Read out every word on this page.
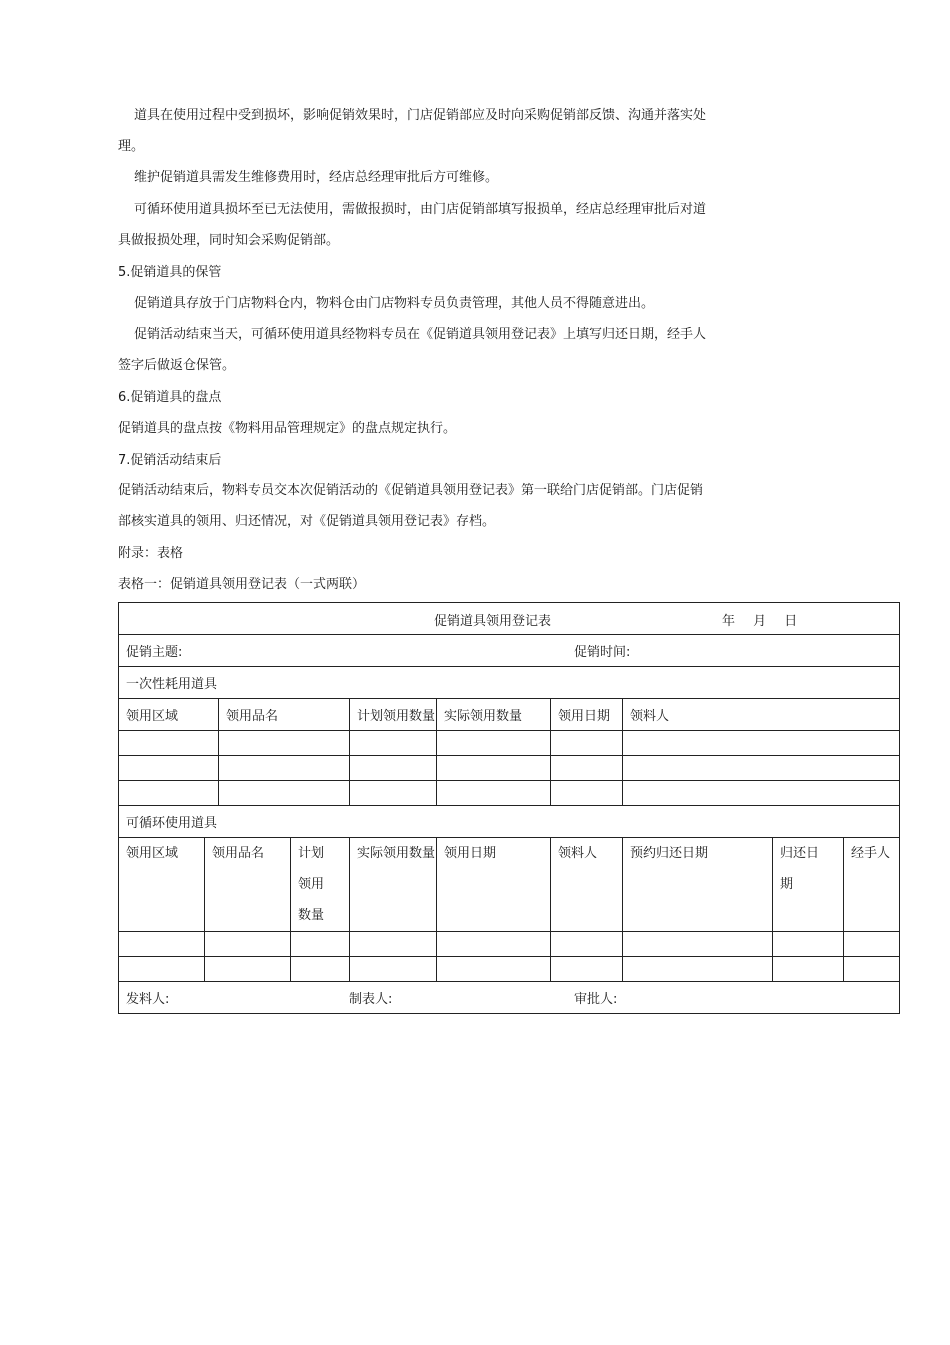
道具在使用过程中受到损坏，影响促销效果时，门店促销部应及时向采购促销部反馈、沟通并落实处
理。
维护促销道具需发生维修费用时，经店总经理审批后方可维修。
可循环使用道具损坏至已无法使用，需做报损时，由门店促销部填写报损单，经店总经理审批后对道
具做报损处理，同时知会采购促销部。
5.促销道具的保管
促销道具存放于门店物料仓内，物料仓由门店物料专员负责管理，其他人员不得随意进出。
促销活动结束当天，可循环使用道具经物料专员在《促销道具领用登记表》上填写归还日期，经手人
签字后做返仓保管。
6.促销道具的盘点
促销道具的盘点按《物料用品管理规定》的盘点规定执行。
7.促销活动结束后
促销活动结束后，物料专员交本次促销活动的《促销道具领用登记表》第一联给门店促销部。门店促销
部核实道具的领用、归还情况，对《促销道具领用登记表》存档。
附录：表格
表格一：促销道具领用登记表（一式两联）
促销道具领用登记表 年 月 日									

促销主题: 促销时间:									

一次性耗用道具									
领用区域		领用品名		计划领用数量	实际领用数量	领用日期	领料人		

可循环使用道具									
领用区域	领用品名		计划领用数量	实际领用数量	领用日期	领料人	预约归还日期	归还日期	经手人

发料人: 制表人: 审批人:									
